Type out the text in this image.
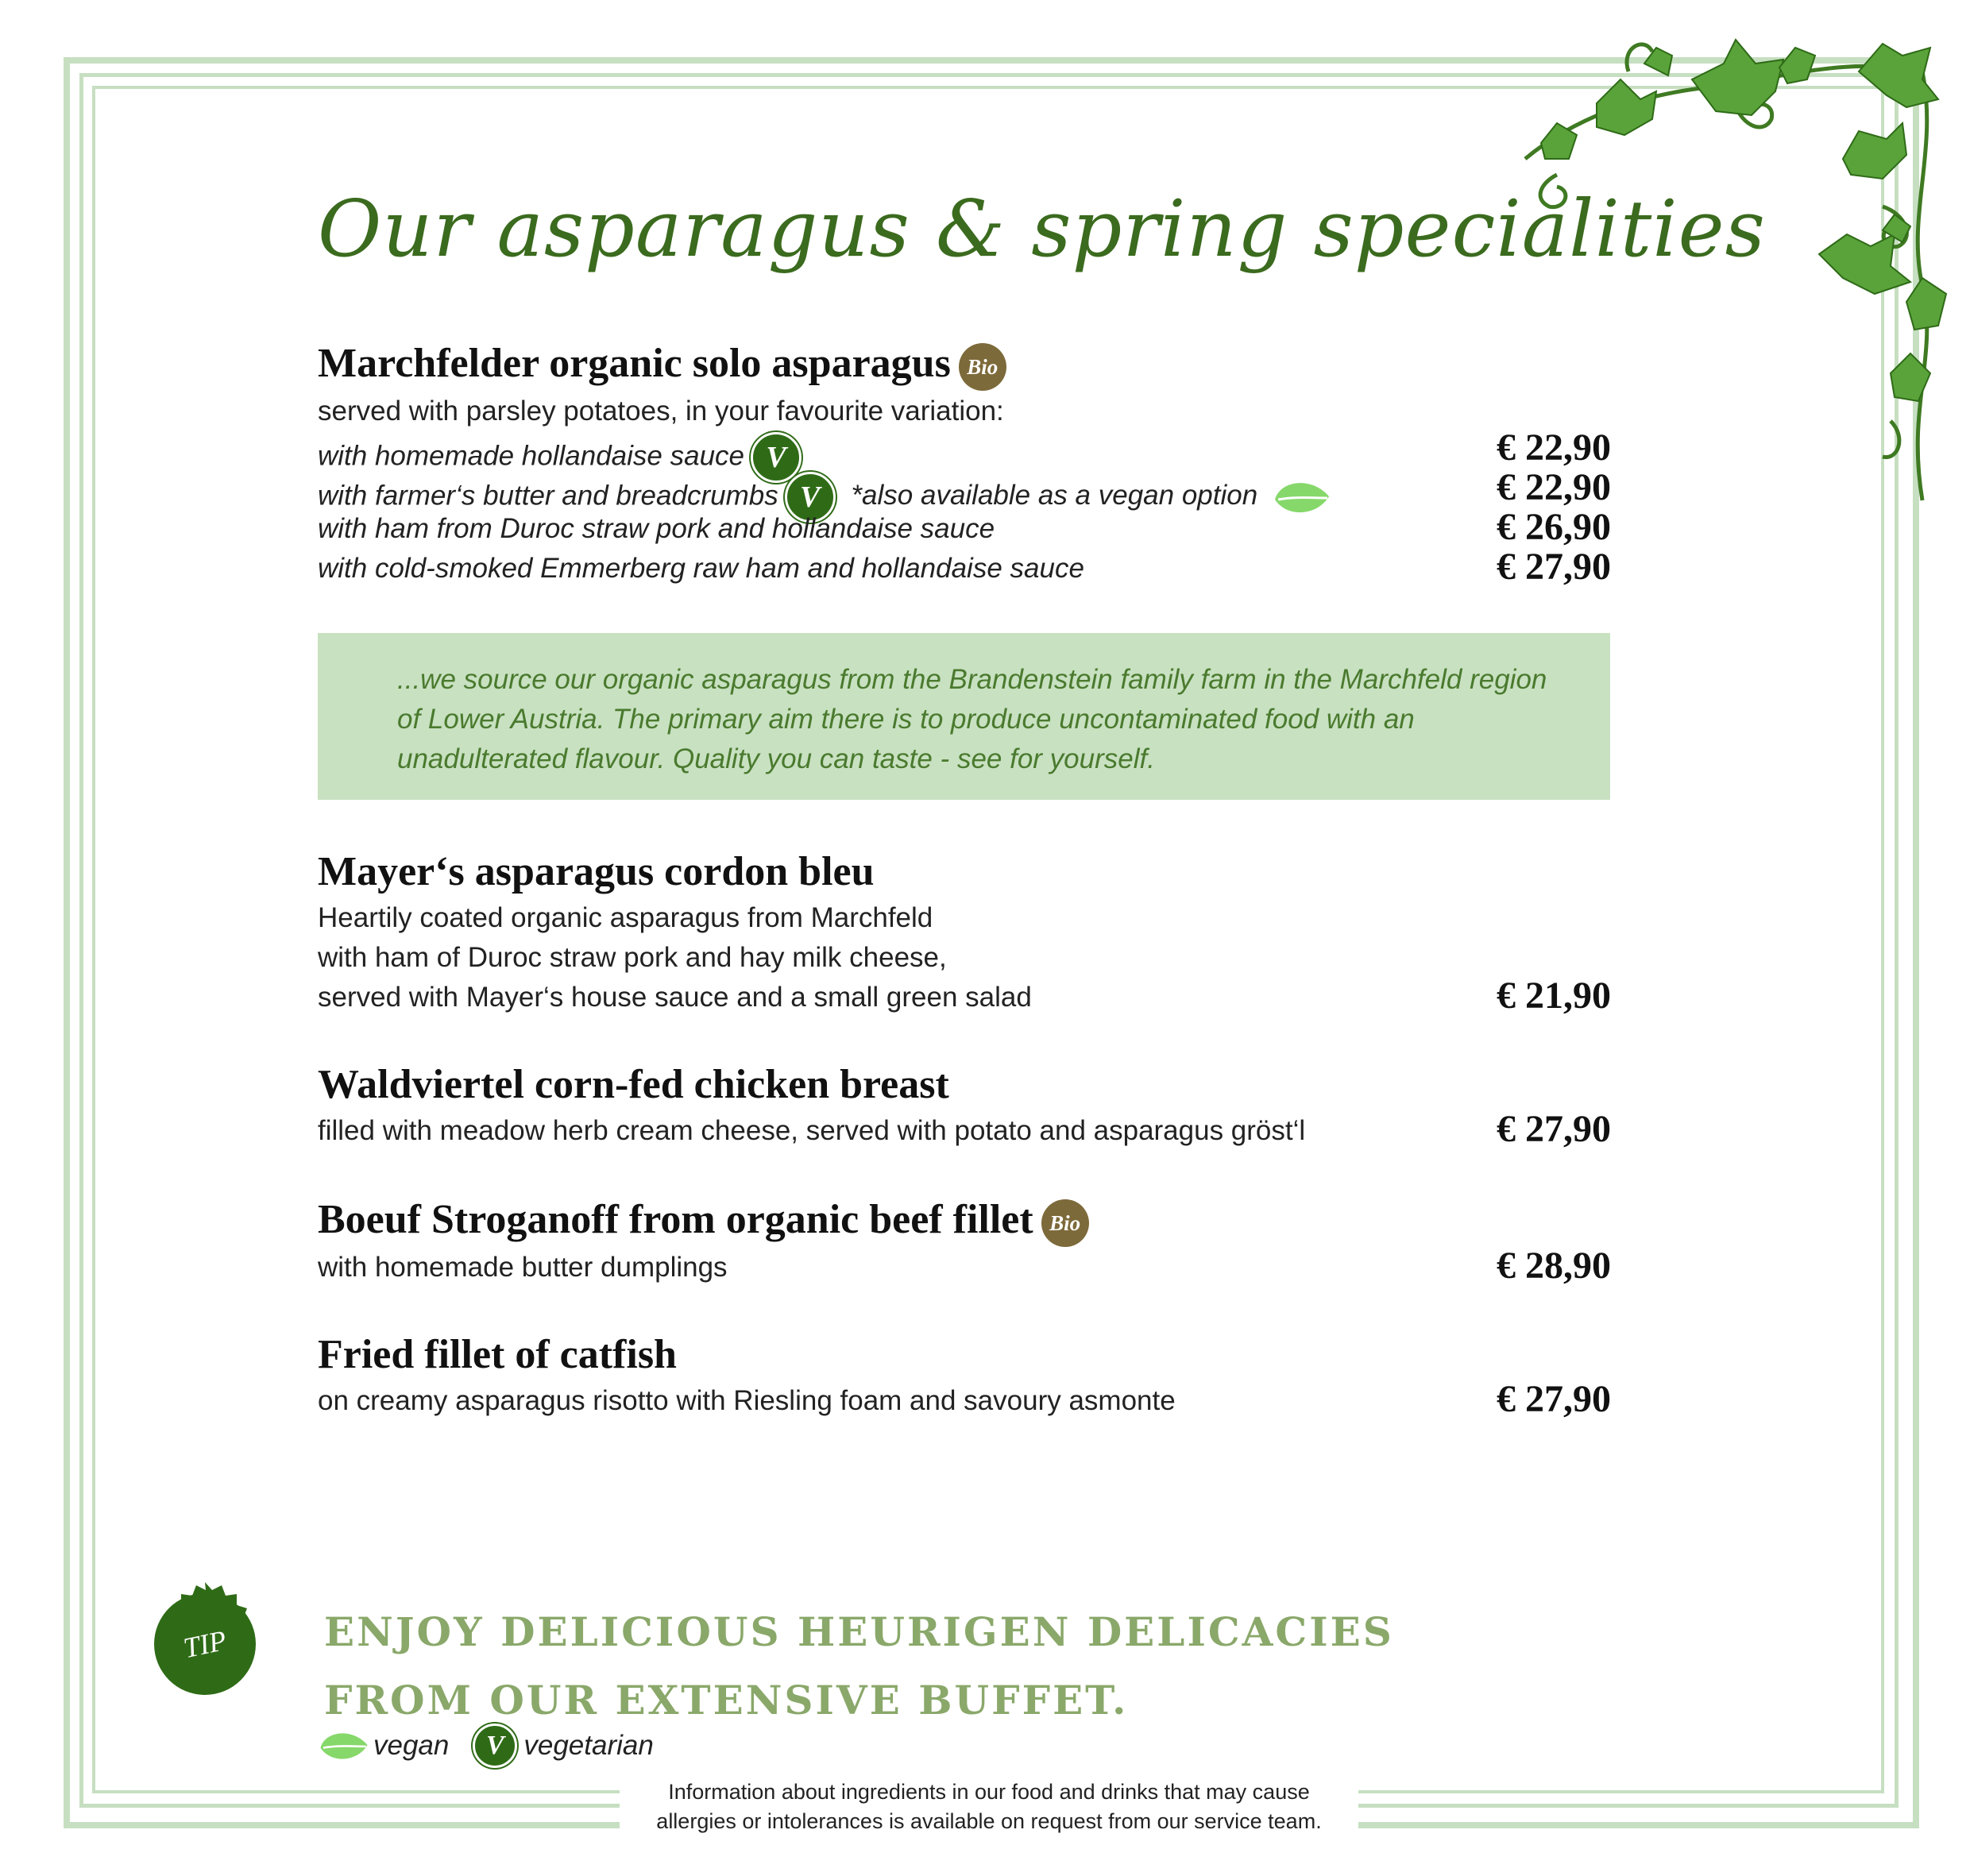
Our asparagus & spring specialities
Marchfelder organic solo asparagus Bio
served with parsley potatoes, in your favourite variation:
with homemade hollandaise sauce V	€ 22,90
with farmer‘s butter and breadcrumbs V *also available as a vegan option	€ 22,90
with ham from Duroc straw pork and hollandaise sauce	€ 26,90
with cold-smoked Emmerberg raw ham and hollandaise sauce	€ 27,90
...we source our organic asparagus from the Brandenstein family farm in the Marchfeld region of Lower Austria. The primary aim there is to produce uncontaminated food with an unadulterated flavour. Quality you can taste - see for yourself.
Mayer‘s asparagus cordon bleu
Heartily coated organic asparagus from Marchfeld
with ham of Duroc straw pork and hay milk cheese,
served with Mayer‘s house sauce and a small green salad	€ 21,90
Waldviertel corn-fed chicken breast
filled with meadow herb cream cheese, served with potato and asparagus gröst‘l	€ 27,90
Boeuf Stroganoff from organic beef fillet Bio
with homemade butter dumplings	€ 28,90
Fried fillet of catfish
on creamy asparagus risotto with Riesling foam and savoury asmonte	€ 27,90
TIP	ENJOY DELICIOUS HEURIGEN DELICACIES
FROM OUR EXTENSIVE BUFFET.
vegan	V vegetarian
Information about ingredients in our food and drinks that may cause
allergies or intolerances is available on request from our service team.
